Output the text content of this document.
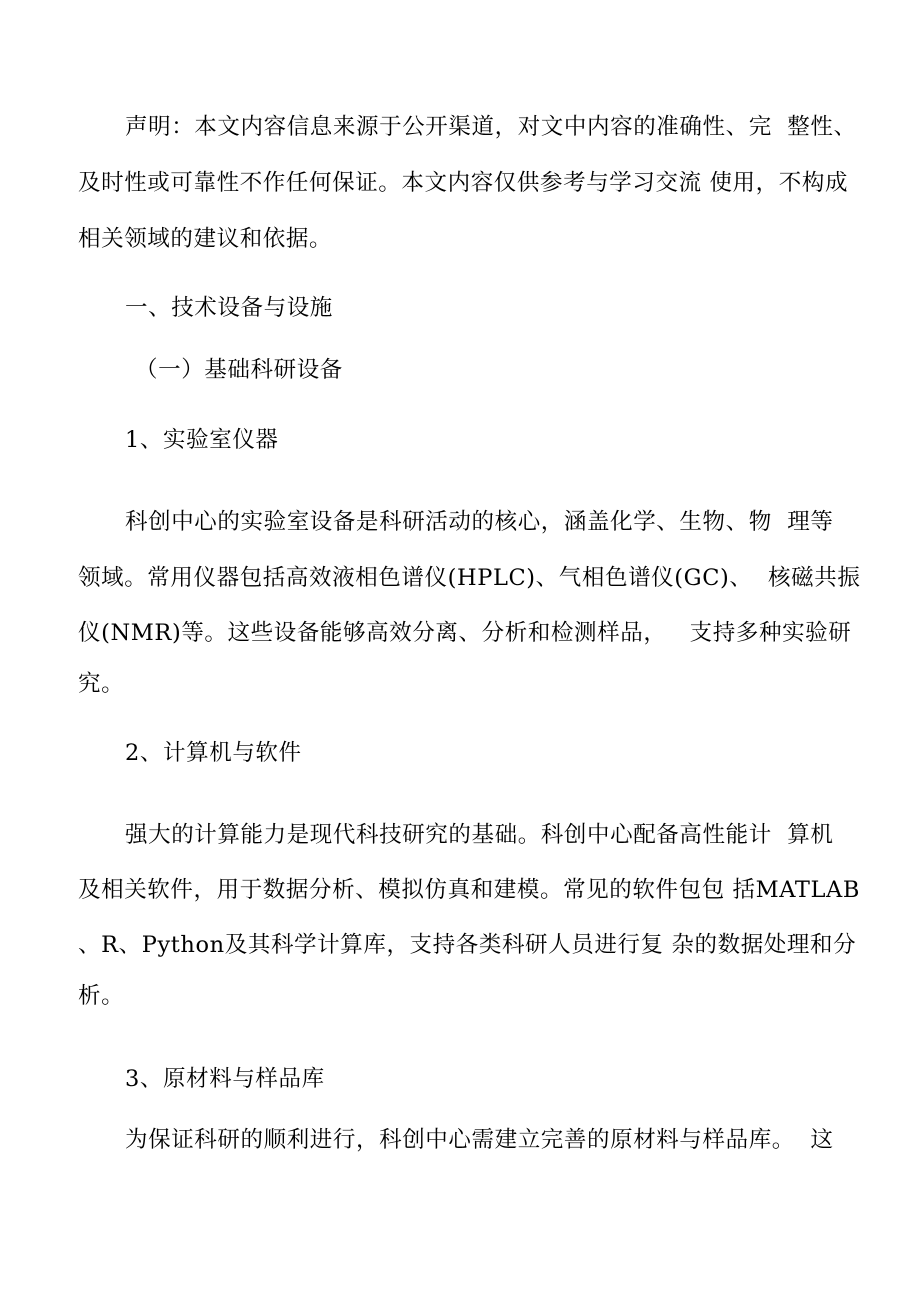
声明：本文内容信息来源于公开渠道，对文中内容的准确性、完  整性、

及时性或可靠性不作任何保证。本文内容仅供参考与学习交流 使用，不构成

相关领域的建议和依据。

一、技术设备与设施

（一）基础科研设备

1、实验室仪器

科创中心的实验室设备是科研活动的核心，涵盖化学、生物、物  理等

领域。常用仪器包括高效液相色谱仪(HPLC)、气相色谱仪(GC)、  核磁共振

仪(NMR)等。这些设备能够高效分离、分析和检测样品，   支持多种实验研

究。

2、计算机与软件

强大的计算能力是现代科技研究的基础。科创中心配备高性能计  算机

及相关软件，用于数据分析、模拟仿真和建模。常见的软件包包 括MATLAB

、R、Python及其科学计算库，支持各类科研人员进行复 杂的数据处理和分

析。

3、原材料与样品库

为保证科研的顺利进行，科创中心需建立完善的原材料与样品库。  这
